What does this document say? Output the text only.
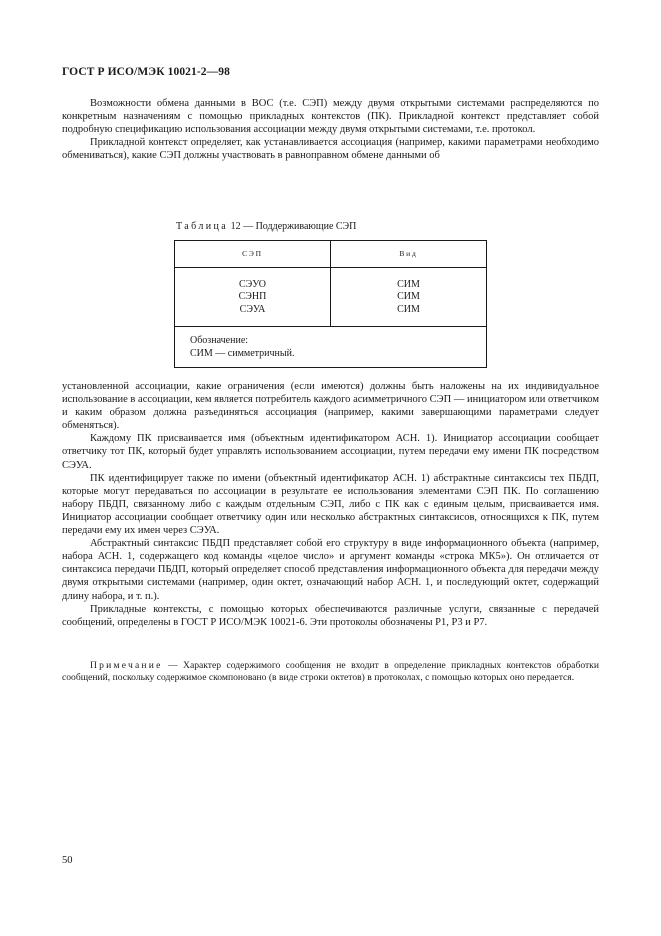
ГОСТ Р ИСО/МЭК 10021-2—98

Возможности обмена данными в ВОС (т.е. СЭП) между двумя открытыми системами распределяются по конкретным назначениям с помощью прикладных контекстов (ПК). Прикладной контекст представляет собой подробную спецификацию использования ассоциации между двумя открытыми системами, т.е. протокол.

Прикладной контекст определяет, как устанавливается ассоциация (например, какими параметрами необходимо обмениваться), какие СЭП должны участвовать в равноправном обмене данными об

Таблица 12 — Поддерживающие СЭП
СЭП	Вид
СЭУО
СЭНП
СЭУА
СИМ
СИМ
СИМ
Обозначение:
СИМ — симметричный.

установленной ассоциации, какие ограничения (если имеются) должны быть наложены на их индивидуальное использование в ассоциации, кем является потребитель каждого асимметричного СЭП — инициатором или ответчиком и каким образом должна разъединяться ассоциация (например, какими завершающими параметрами следует обменяться).

Каждому ПК присваивается имя (объектным идентификатором АСН. 1). Инициатор ассоциации сообщает ответчику тот ПК, который будет управлять использованием ассоциации, путем передачи ему имени ПК посредством СЭУА.

ПК идентифицирует также по имени (объектный идентификатор АСН. 1) абстрактные синтаксисы тех ПБДП, которые могут передаваться по ассоциации в результате ее использования элементами СЭП ПК. По соглашению набору ПБДП, связанному либо с каждым отдельным СЭП, либо с ПК как с единым целым, присваивается имя. Инициатор ассоциации сообщает ответчику один или несколько абстрактных синтаксисов, относящихся к ПК, путем передачи ему их имен через СЭУА.

Абстрактный синтаксис ПБДП представляет собой его структуру в виде информационного объекта (например, набора АСН. 1, содержащего код команды «целое число» и аргумент команды «строка МК5»). Он отличается от синтаксиса передачи ПБДП, который определяет способ представления информационного объекта для передачи между двумя открытыми системами (например, один октет, означающий набор АСН. 1, и последующий октет, содержащий длину набора, и т. п.).

Прикладные контексты, с помощью которых обеспечиваются различные услуги, связанные с передачей сообщений, определены в ГОСТ Р ИСО/МЭК 10021-6. Эти протоколы обозначены Р1, Р3 и Р7.

Примечание — Характер содержимого сообщения не входит в определение прикладных контекстов обработки сообщений, поскольку содержимое скомпоновано (в виде строки октетов) в протоколах, с помощью которых оно передается.

50
